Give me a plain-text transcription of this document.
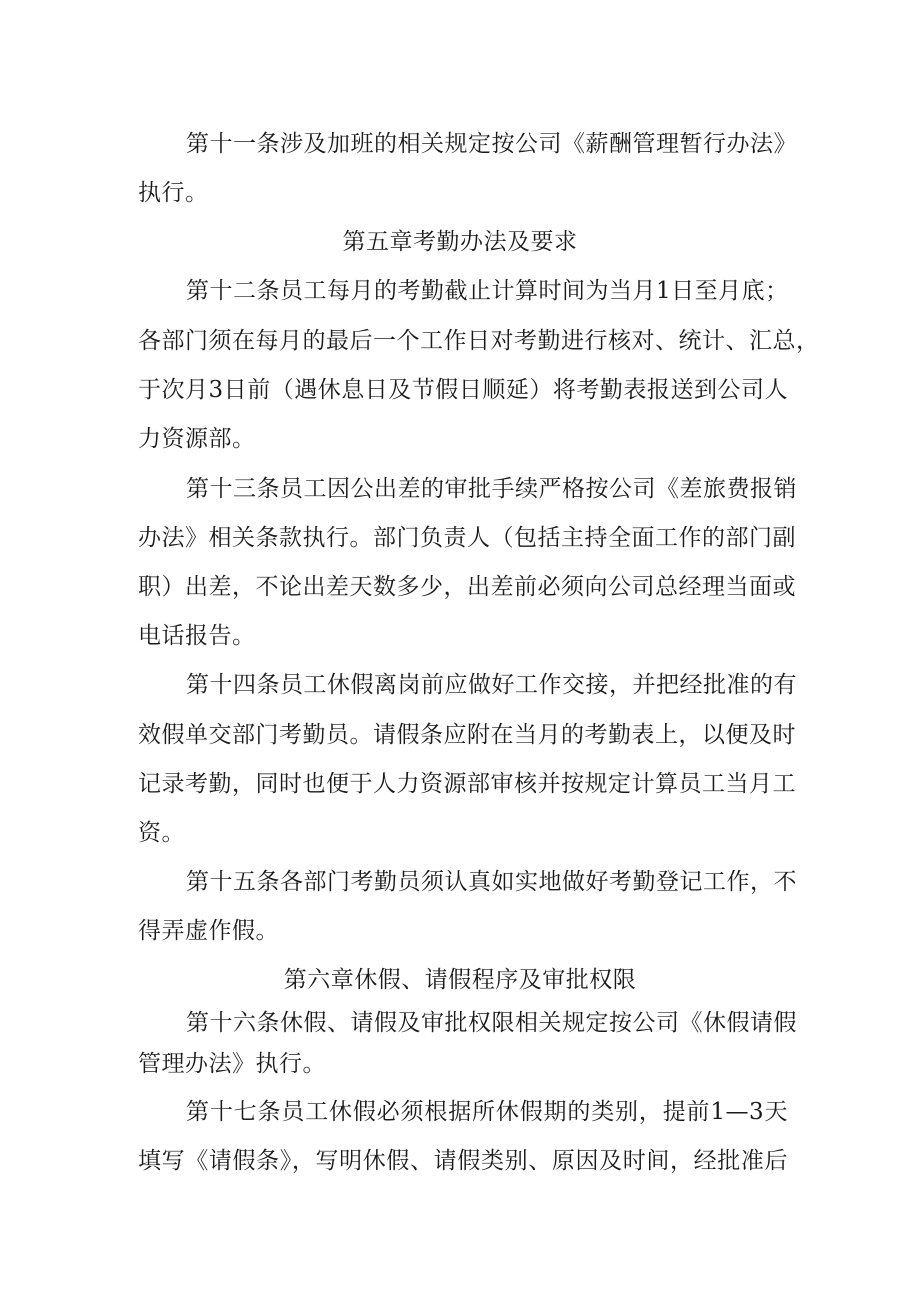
第十一条涉及加班的相关规定按公司《薪酬管理暂行办法》
执行。
第五章考勤办法及要求
第十二条员工每月的考勤截止计算时间为当月1日至月底；
各部门须在每月的最后一个工作日对考勤进行核对、统计、汇总，
于次月3日前（遇休息日及节假日顺延）将考勤表报送到公司人
力资源部。
第十三条员工因公出差的审批手续严格按公司《差旅费报销
办法》相关条款执行。部门负责人（包括主持全面工作的部门副
职）出差，不论出差天数多少，出差前必须向公司总经理当面或
电话报告。
第十四条员工休假离岗前应做好工作交接，并把经批准的有
效假单交部门考勤员。请假条应附在当月的考勤表上，以便及时
记录考勤，同时也便于人力资源部审核并按规定计算员工当月工
资。
第十五条各部门考勤员须认真如实地做好考勤登记工作，不
得弄虚作假。
第六章休假、请假程序及审批权限
第十六条休假、请假及审批权限相关规定按公司《休假请假
管理办法》执行。
第十七条员工休假必须根据所休假期的类别，提前1—3天
填写《请假条》，写明休假、请假类别、原因及时间，经批准后
